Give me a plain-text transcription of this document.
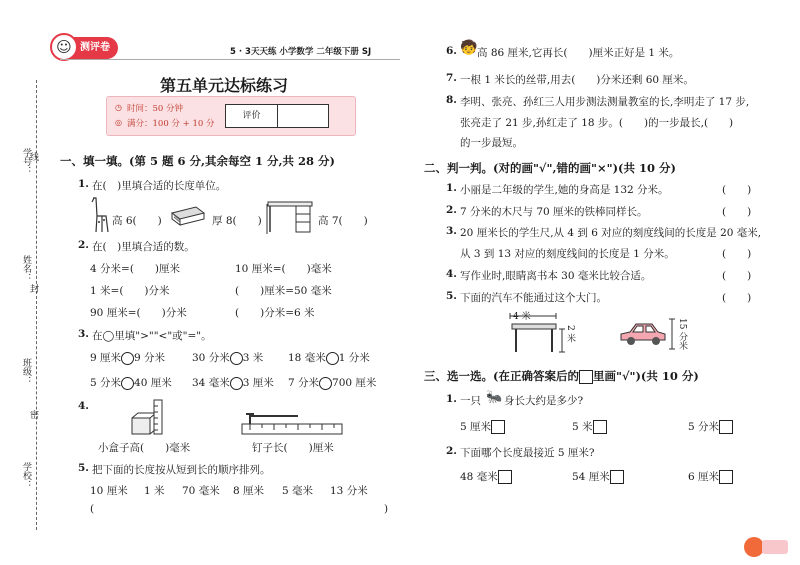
☺ 测评卷	5 · 3天天练 小学数学 二年级下册 SJ
第五单元达标练习
◷ 时间：50 分钟
◎ 满分：100 分 + 10 分
评价
学号： 线
姓名：
封
班级：
密
学校：
一、填一填。(第 5 题 6 分,其余每空 1 分,共 28 分)
1. 在(　)里填合适的长度单位。
高 6(　　)	厚 8(　　)	高 7(　　)
2. 在(　)里填合适的数。
4 分米=(　　)厘米	10 厘米=(　　)毫米
1 米=(　　)分米	(　　)厘米=50 毫米
90 厘米=(　　)分米	(　　)分米=6 米
3. 在◯里填">""<"或"="。
9 厘米 9 分米	30 分米 3 米 18 毫米 1 分米
5 分米 40 厘米 34 毫米 3 厘米 7 分米 700 厘米
4.
小盒子高(　　)毫米	钉子长(　　)厘米
5. 把下面的长度按从短到长的顺序排列。
10 厘米 1 米 70 毫米 8 厘米 5 毫米 13 分米
(	)
6. 🧒 高 86 厘米,它再长(　　)厘米正好是 1 米。
7. 一根 1 米长的丝带,用去(　　)分米还剩 60 厘米。
8. 李明、张亮、孙红三人用步测法测量教室的长,李明走了 17 步,
张亮走了 21 步,孙红走了 18 步。(　　)的一步最长,(　　)
的一步最短。
二、判一判。(对的画"√",错的画"×")(共 10 分)
1. 小丽是二年级的学生,她的身高是 132 分米。	(　　)
2. 7 分米的木尺与 70 厘米的铁棒同样长。	(　　)
3. 20 厘米长的学生尺,从 4 到 6 对应的刻度线间的长度是 20 毫米,
从 3 到 13 对应的刻度线间的长度是 1 分米。	(　　)
4. 写作业时,眼睛离书本 30 毫米比较合适。	(　　)
5. 下面的汽车不能通过这个大门。	(　　)
4 米
2 米	15 分米
三、选一选。(在正确答案后的 里画"√")(共 10 分)
1. 一只 🐜 身长大约是多少?
5 厘米	5 米	5 分米
2. 下面哪个长度最接近 5 厘米?
48 毫米	54 厘米	6 厘米
